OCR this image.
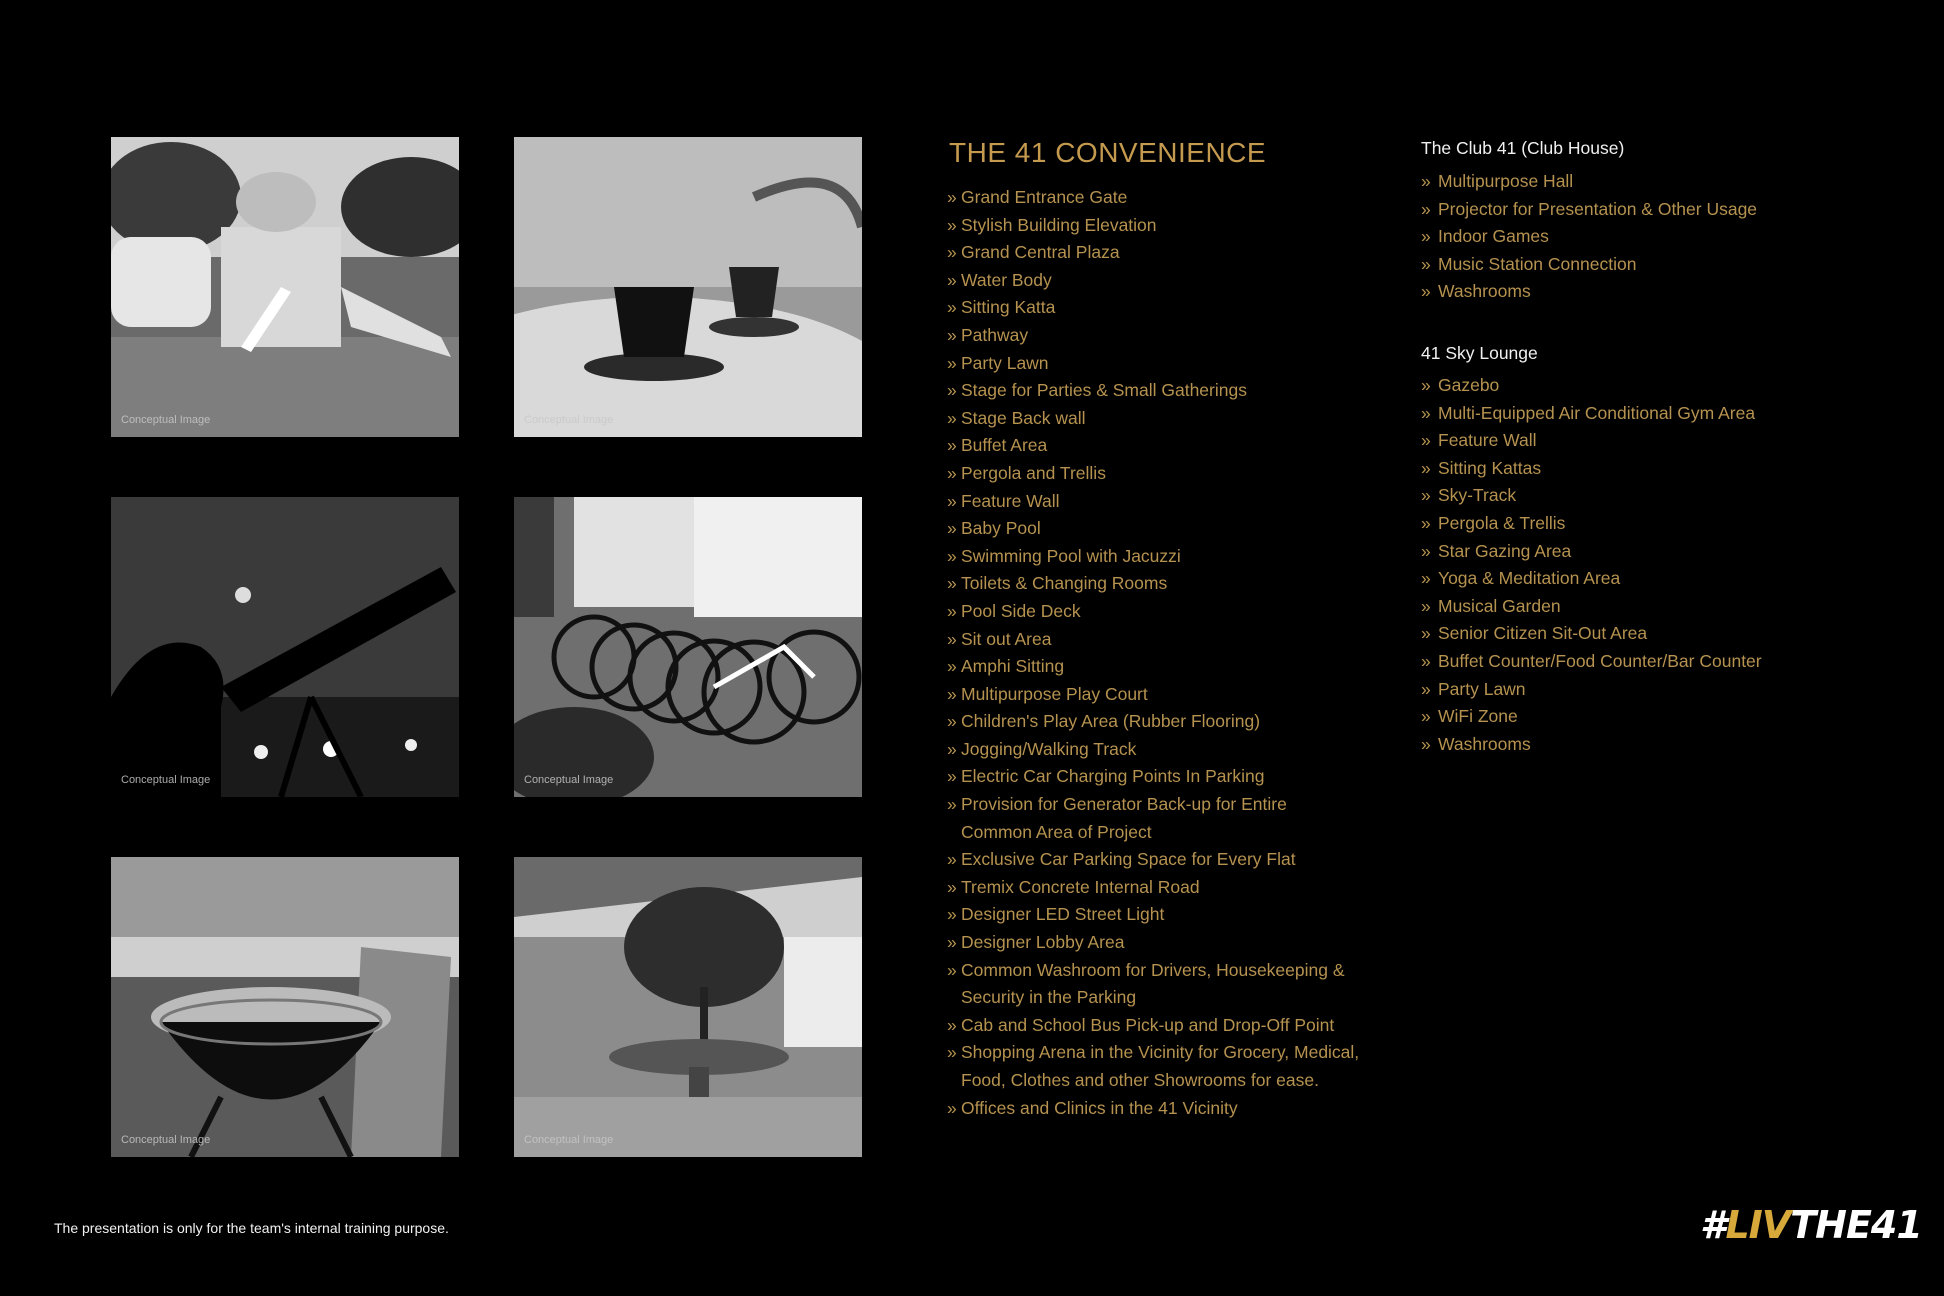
Conceptual Image	Conceptual Image
Conceptual Image	Conceptual Image
Conceptual Image	Conceptual Image
THE 41 CONVENIENCE
» Grand Entrance Gate
» Stylish Building Elevation
» Grand Central Plaza
» Water Body
» Sitting Katta
» Pathway
» Party Lawn
» Stage for Parties & Small Gatherings
» Stage Back wall
» Buffet Area
» Pergola and Trellis
» Feature Wall
» Baby Pool
» Swimming Pool with Jacuzzi
» Toilets & Changing Rooms
» Pool Side Deck
» Sit out Area
» Amphi Sitting
» Multipurpose Play Court
» Children's Play Area (Rubber Flooring)
» Jogging/Walking Track
» Electric Car Charging Points In Parking
» Provision for Generator Back-up for Entire
Common Area of Project
» Exclusive Car Parking Space for Every Flat
» Tremix Concrete Internal Road
» Designer LED Street Light
» Designer Lobby Area
» Common Washroom for Drivers, Housekeeping &
Security in the Parking
» Cab and School Bus Pick-up and Drop-Off Point
» Shopping Arena in the Vicinity for Grocery, Medical,
Food, Clothes and other Showrooms for ease.
» Offices and Clinics in the 41 Vicinity
The Club 41 (Club House)
» Multipurpose Hall
» Projector for Presentation & Other Usage
» Indoor Games
» Music Station Connection
» Washrooms
41 Sky Lounge
» Gazebo
» Multi-Equipped Air Conditional Gym Area
» Feature Wall
» Sitting Kattas
» Sky-Track
» Pergola & Trellis
» Star Gazing Area
» Yoga & Meditation Area
» Musical Garden
» Senior Citizen Sit-Out Area
» Buffet Counter/Food Counter/Bar Counter
» Party Lawn
» WiFi Zone
» Washrooms
The presentation is only for the team's internal training purpose.	#LIVTHE41
